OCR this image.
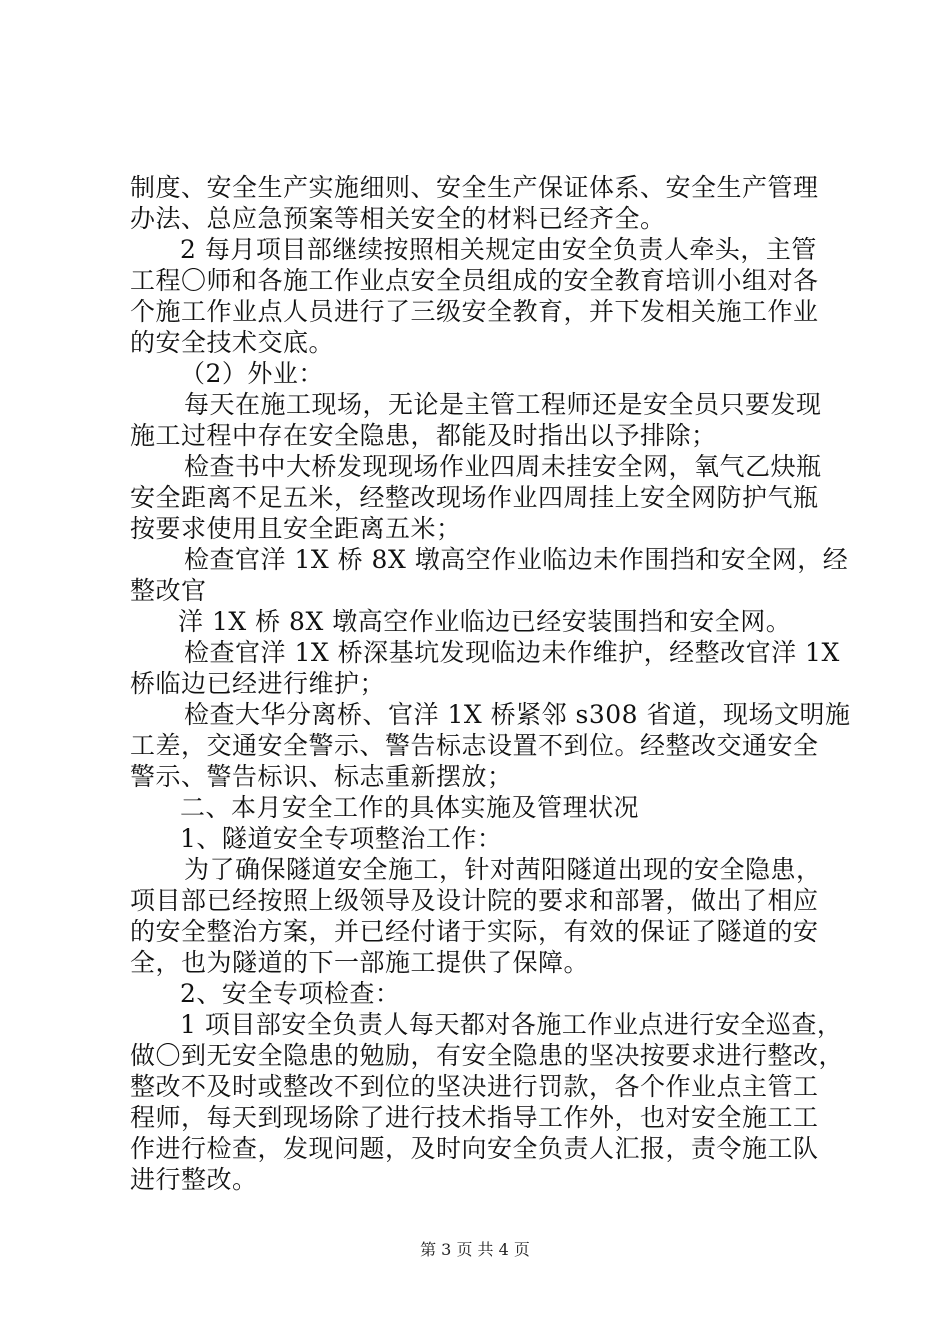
制度、安全生产实施细则、安全生产保证体系、安全生产管理
办法、总应急预案等相关安全的材料已经齐全。
2 每月项目部继续按照相关规定由安全负责人牵头，主管
工程〇师和各施工作业点安全员组成的安全教育培训小组对各
个施工作业点人员进行了三级安全教育，并下发相关施工作业
的安全技术交底。
（2）外业：
每天在施工现场，无论是主管工程师还是安全员只要发现
施工过程中存在安全隐患，都能及时指出以予排除；
检查书中大桥发现现场作业四周未挂安全网，氧气乙炔瓶
安全距离不足五米，经整改现场作业四周挂上安全网防护气瓶
按要求使用且安全距离五米；
检查官洋 1X 桥 8X 墩高空作业临边未作围挡和安全网，经
整改官
洋 1X 桥 8X 墩高空作业临边已经安装围挡和安全网。
检查官洋 1X 桥深基坑发现临边未作维护，经整改官洋 1X
桥临边已经进行维护；
检查大华分离桥、官洋 1X 桥紧邻 s308 省道，现场文明施
工差，交通安全警示、警告标志设置不到位。经整改交通安全
警示、警告标识、标志重新摆放；
二、本月安全工作的具体实施及管理状况
1、隧道安全专项整治工作：
为了确保隧道安全施工，针对茜阳隧道出现的安全隐患，
项目部已经按照上级领导及设计院的要求和部署，做出了相应
的安全整治方案，并已经付诸于实际，有效的保证了隧道的安
全，也为隧道的下一部施工提供了保障。
2、安全专项检查：
1 项目部安全负责人每天都对各施工作业点进行安全巡查，
做〇到无安全隐患的勉励，有安全隐患的坚决按要求进行整改，
整改不及时或整改不到位的坚决进行罚款，各个作业点主管工
程师，每天到现场除了进行技术指导工作外，也对安全施工工
作进行检查，发现问题，及时向安全负责人汇报，责令施工队
进行整改。
第 3 页 共 4 页
